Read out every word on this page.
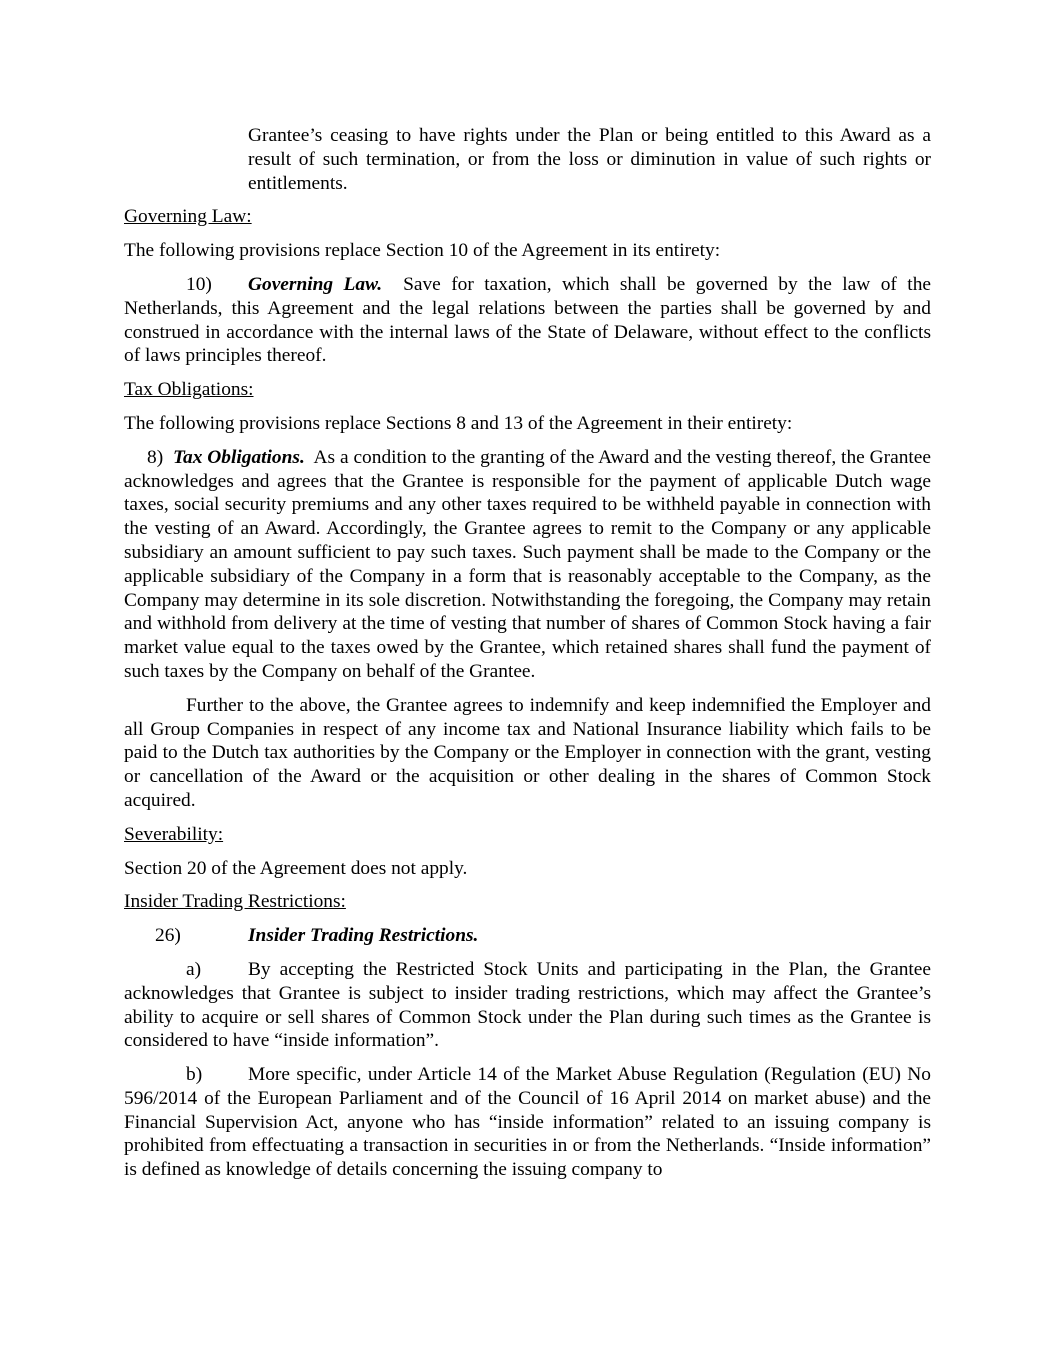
Grantee’s ceasing to have rights under the Plan or being entitled to this Award as a result of such termination, or from the loss or diminution in value of such rights or entitlements.

Governing Law:

The following provisions replace Section 10 of the Agreement in its entirety:

10) Governing Law. Save for taxation, which shall be governed by the law of the Netherlands, this Agreement and the legal relations between the parties shall be governed by and construed in accordance with the internal laws of the State of Delaware, without effect to the conflicts of laws principles thereof.

Tax Obligations:

The following provisions replace Sections 8 and 13 of the Agreement in their entirety:

8) Tax Obligations. As a condition to the granting of the Award and the vesting thereof, the Grantee acknowledges and agrees that the Grantee is responsible for the payment of applicable Dutch wage taxes, social security premiums and any other taxes required to be withheld payable in connection with the vesting of an Award. Accordingly, the Grantee agrees to remit to the Company or any applicable subsidiary an amount sufficient to pay such taxes. Such payment shall be made to the Company or the applicable subsidiary of the Company in a form that is reasonably acceptable to the Company, as the Company may determine in its sole discretion. Notwithstanding the foregoing, the Company may retain and withhold from delivery at the time of vesting that number of shares of Common Stock having a fair market value equal to the taxes owed by the Grantee, which retained shares shall fund the payment of such taxes by the Company on behalf of the Grantee.

Further to the above, the Grantee agrees to indemnify and keep indemnified the Employer and all Group Companies in respect of any income tax and National Insurance liability which fails to be paid to the Dutch tax authorities by the Company or the Employer in connection with the grant, vesting or cancellation of the Award or the acquisition or other dealing in the shares of Common Stock acquired.

Severability:

Section 20 of the Agreement does not apply.

Insider Trading Restrictions:

26)	Insider Trading Restrictions.

a) By accepting the Restricted Stock Units and participating in the Plan, the Grantee acknowledges that Grantee is subject to insider trading restrictions, which may affect the Grantee’s ability to acquire or sell shares of Common Stock under the Plan during such times as the Grantee is considered to have “inside information”.

b) More specific, under Article 14 of the Market Abuse Regulation (Regulation (EU) No 596/2014 of the European Parliament and of the Council of 16 April 2014 on market abuse) and the Financial Supervision Act, anyone who has “inside information” related to an issuing company is prohibited from effectuating a transaction in securities in or from the Netherlands. “Inside information” is defined as knowledge of details concerning the issuing company to
